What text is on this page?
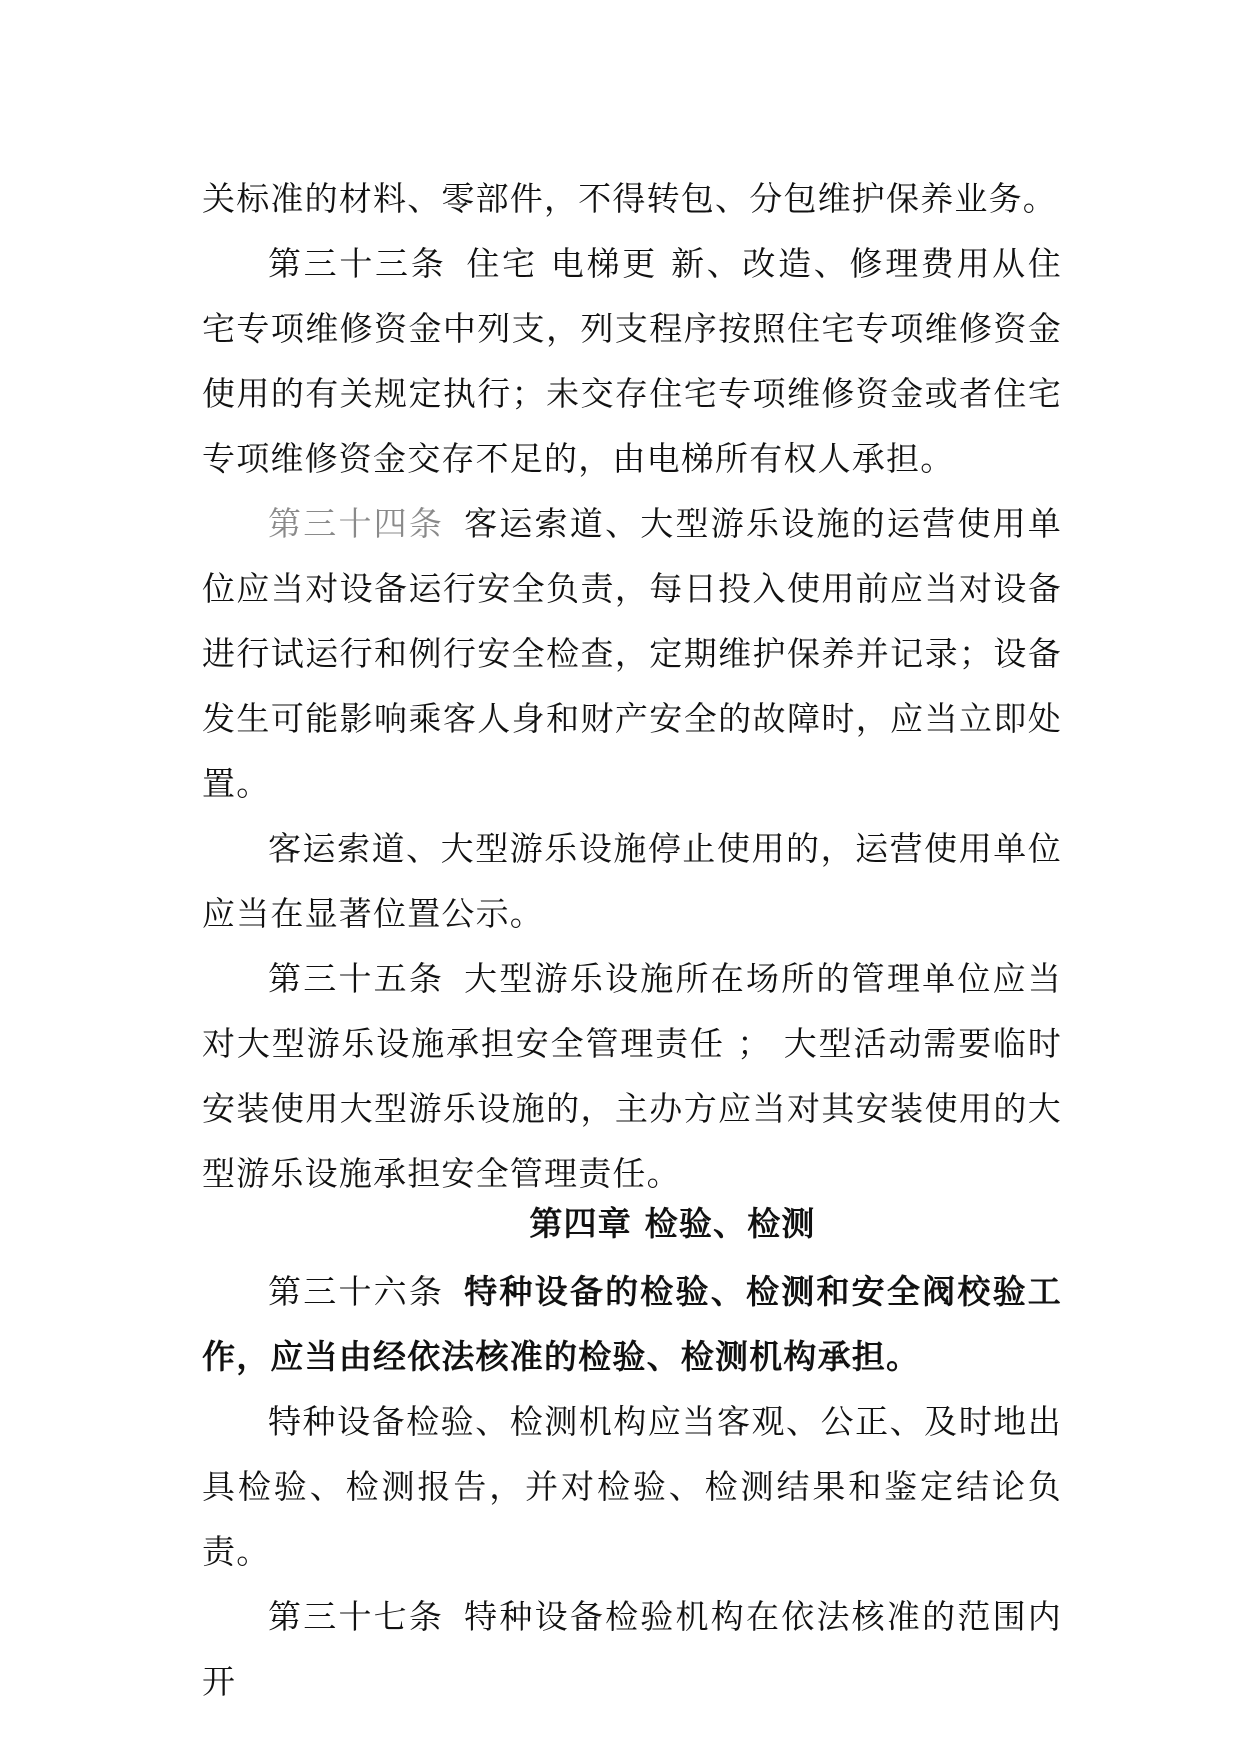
关标准的材料、零部件，不得转包、分包维护保养业务。

第三十三条 住宅 电梯更 新、改造、修理费用从住宅专项维修资金中列支，列支程序按照住宅专项维修资金使用的有关规定执行；未交存住宅专项维修资金或者住宅专项维修资金交存不足的，由电梯所有权人承担。

第三十四条 客运索道、大型游乐设施的运营使用单位应当对设备运行安全负责，每日投入使用前应当对设备进行试运行和例行安全检查，定期维护保养并记录；设备发生可能影响乘客人身和财产安全的故障时，应当立即处置。

客运索道、大型游乐设施停止使用的，运营使用单位应当在显著位置公示。

第三十五条 大型游乐设施所在场所的管理单位应当对大型游乐设施承担安全管理责任 ； 大型活动需要临时安装使用大型游乐设施的，主办方应当对其安装使用的大型游乐设施承担安全管理责任。

第四章 检验、检测

第三十六条 特种设备的检验、检测和安全阀校验工作，应当由经依法核准的检验、检测机构承担。

特种设备检验、检测机构应当客观、公正、及时地出具检验、检测报告，并对检验、检测结果和鉴定结论负责。

第三十七条 特种设备检验机构在依法核准的范围内开
